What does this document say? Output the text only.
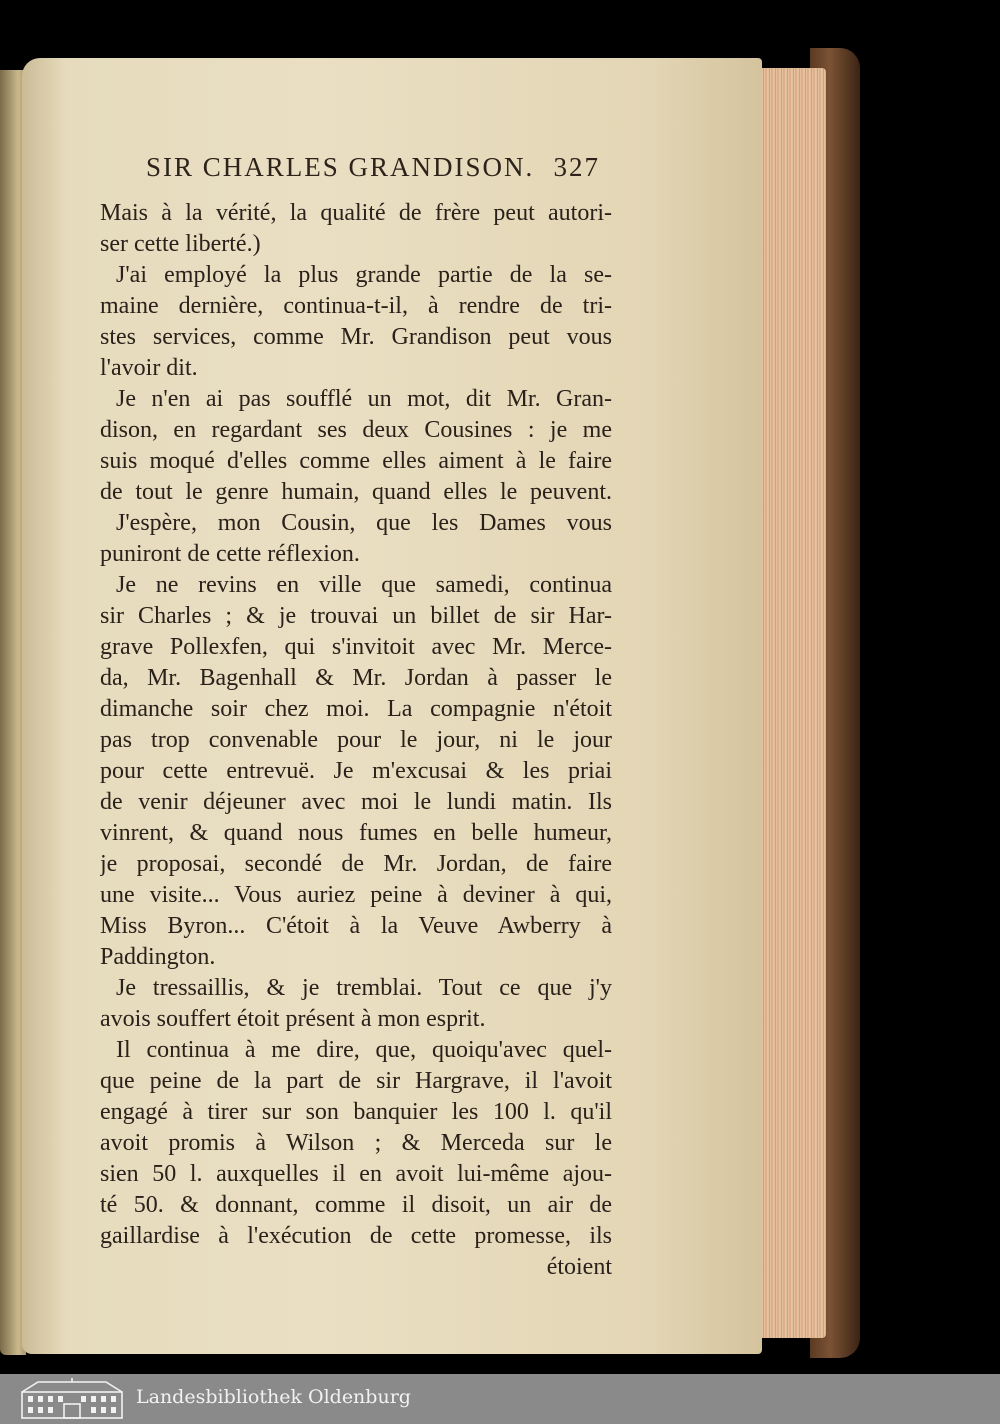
SIR CHARLES GRANDISON. 327
Mais à la vérité, la qualité de frère peut autori-
ser cette liberté.)
J'ai employé la plus grande partie de la se-
maine dernière, continua-t-il, à rendre de tri-
stes services, comme Mr. Grandison peut vous
l'avoir dit.
Je n'en ai pas soufflé un mot, dit Mr. Gran-
dison, en regardant ses deux Cousines : je me
suis moqué d'elles comme elles aiment à le faire
de tout le genre humain, quand elles le peuvent.
J'espère, mon Cousin, que les Dames vous
puniront de cette réflexion.
Je ne revins en ville que samedi, continua
sir Charles ; & je trouvai un billet de sir Har-
grave Pollexfen, qui s'invitoit avec Mr. Merce-
da, Mr. Bagenhall & Mr. Jordan à passer le
dimanche soir chez moi. La compagnie n'étoit
pas trop convenable pour le jour, ni le jour
pour cette entrevuë. Je m'excusai & les priai
de venir déjeuner avec moi le lundi matin. Ils
vinrent, & quand nous fumes en belle humeur,
je proposai, secondé de Mr. Jordan, de faire
une visite... Vous auriez peine à deviner à qui,
Miss Byron... C'étoit à la Veuve Awberry à
Paddington.
Je tressaillis, & je tremblai. Tout ce que j'y
avois souffert étoit présent à mon esprit.
Il continua à me dire, que, quoiqu'avec quel-
que peine de la part de sir Hargrave, il l'avoit
engagé à tirer sur son banquier les 100 l. qu'il
avoit promis à Wilson ; & Merceda sur le
sien 50 l. auxquelles il en avoit lui-même ajou-
té 50. & donnant, comme il disoit, un air de
gaillardise à l'exécution de cette promesse, ils
étoient
Landesbibliothek Oldenburg
